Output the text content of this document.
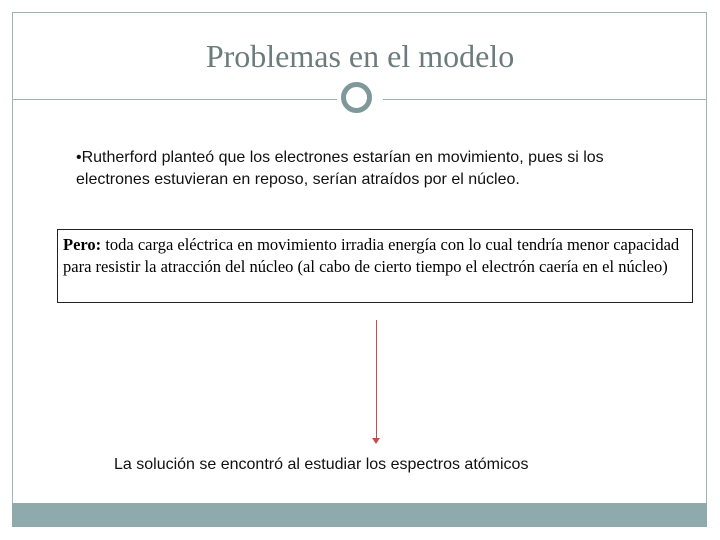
Problemas en el modelo
•Rutherford planteó que los electrones estarían en movimiento, pues si los electrones estuvieran en reposo, serían atraídos por el núcleo.
Pero: toda carga eléctrica en movimiento irradia energía con lo cual tendría menor capacidad para resistir la atracción del núcleo (al cabo de cierto tiempo el electrón caería en el núcleo)
La solución se encontró al estudiar los espectros atómicos
